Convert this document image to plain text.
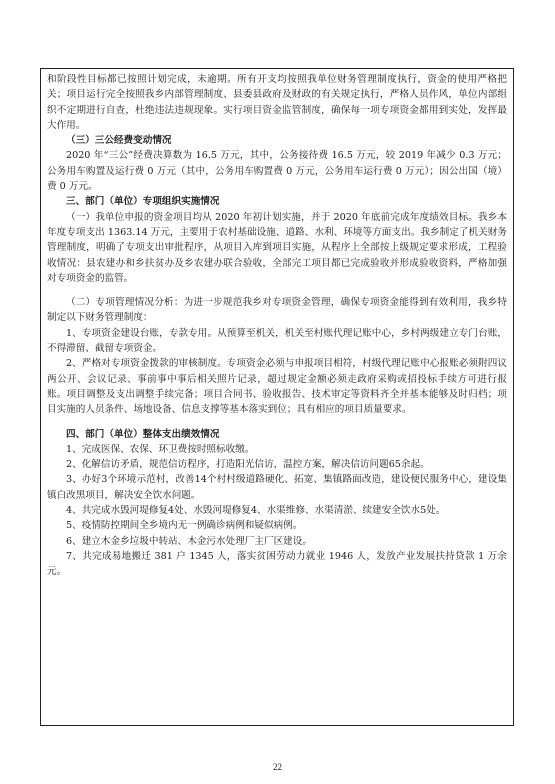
和阶段性目标都已按照计划完成，未逾期。所有开支均按照我单位财务管理制度执行，资金的使用严格把关；项目运行完全按照我乡内部管理制度、县委县政府及财政的有关规定执行，严格人员作风，单位内部组织不定期进行自查，杜绝违法违规现象。实行项目资金监管制度，确保每一项专项资金都用到实处，发挥最大作用。

（三）三公经费变动情况

2020 年“三公”经费决算数为 16.5 万元，其中，公务接待费 16.5 万元，较 2019 年减少 0.3 万元；公务用车购置及运行费 0 万元（其中，公务用车购置费 0 万元，公务用车运行费 0 万元）；因公出国（境）费 0 万元。

三、部门（单位）专项组织实施情况

（一）我单位申报的资金项目均从 2020 年初计划实施，并于 2020 年底前完成年度绩效目标。我乡本年度专项支出 1363.14 万元，主要用于农村基础设施、道路、水利、环境等方面支出。我乡制定了机关财务管理制度，明确了专项支出审批程序，从项目入库到项目实施，从程序上全部按上级规定要求形成，工程验收情况：县农建办和乡扶贫办及乡农建办联合验收，全部完工项目都已完成验收并形成验收资料，严格加强对专项资金的监管。

（二）专项管理情况分析：为进一步规范我乡对专项资金管理，确保专项资金能得到有效利用，我乡特制定以下财务管理制度：

1、专项资金建设台账，专款专用。从预算至机关，机关至村账代理记账中心，乡村两级建立专门台账，不得滞留、截留专项资金。

2、严格对专项资金拨款的审核制度。专项资金必须与申报项目相符，村级代理记账中心报账必须附四议两公开、会议记录、事前事中事后相关照片记录，超过规定金额必须走政府采购或招投标手续方可进行报账。项目调整及支出调整手续完备；项目合同书、验收报告、技术审定等资料齐全并基本能够及时归档；项目实施的人员条件、场地设备、信息支撑等基本落实到位；具有相应的项目质量要求。

四、部门（单位）整体支出绩效情况

1、完成医保、农保、环卫费按时照标收缴。

2、化解信访矛盾，规范信访程序，打造阳光信访，温控方案，解决信访问题65余起。

3、办好3个环境示范村，改善14个村村级道路硬化、拓宽、集镇路面改造，建设便民服务中心，建设集镇白改黑项目，解决安全饮水问题。

4、共完成水毁河堤修复4处、水毁河堤修复4、水渠维修、水渠清淤、续建安全饮水5处。

5、疫情防控期间全乡境内无一例确诊病例和疑似病例。

6、建立木金乡垃圾中转站、木金污水处理厂主厂区建设。

7、共完成易地搬迁 381 户 1345 人，落实贫困劳动力就业 1946 人，发放产业发展扶持贷款 1 万余元。

22
